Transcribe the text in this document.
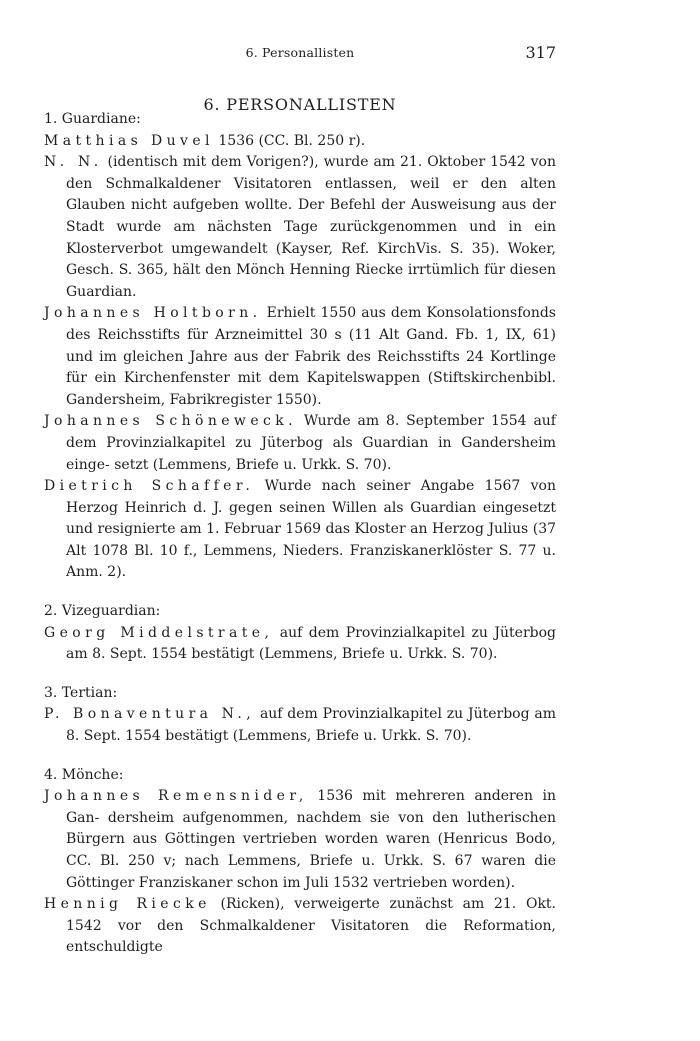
6. Personallisten	317
6. PERSONALLISTEN

1. Guardiane:

Matthias Duvel 1536 (CC. Bl. 250 r).

N. N. (identisch mit dem Vorigen?), wurde am 21. Oktober 1542 von den Schmalkaldener Visitatoren entlassen, weil er den alten Glauben nicht aufgeben wollte. Der Befehl der Ausweisung aus der Stadt wurde am nächsten Tage zurückgenommen und in ein Klosterverbot umgewandelt (Kayser, Ref. KirchVis. S. 35). Woker, Gesch. S. 365, hält den Mönch Henning Riecke irrtümlich für diesen Guardian.

Johannes Holtborn. Erhielt 1550 aus dem Konsolationsfonds des Reichsstifts für Arzneimittel 30 s (11 Alt Gand. Fb. 1, IX, 61) und im gleichen Jahre aus der Fabrik des Reichsstifts 24 Kortlinge für ein Kirchenfenster mit dem Kapitelswappen (Stiftskirchenbibl. Gandersheim, Fabrikregister 1550).

Johannes Schöneweck. Wurde am 8. September 1554 auf dem Provinzialkapitel zu Jüterbog als Guardian in Gandersheim einge- setzt (Lemmens, Briefe u. Urkk. S. 70).

Dietrich Schaffer. Wurde nach seiner Angabe 1567 von Herzog Heinrich d. J. gegen seinen Willen als Guardian eingesetzt und resignierte am 1. Februar 1569 das Kloster an Herzog Julius (37 Alt 1078 Bl. 10 f., Lemmens, Nieders. Franziskanerklöster S. 77 u. Anm. 2).

2. Vizeguardian:

Georg Middelstrate, auf dem Provinzialkapitel zu Jüterbog am 8. Sept. 1554 bestätigt (Lemmens, Briefe u. Urkk. S. 70).

3. Tertian:

P. Bonaventura N., auf dem Provinzialkapitel zu Jüterbog am 8. Sept. 1554 bestätigt (Lemmens, Briefe u. Urkk. S. 70).

4. Mönche:

Johannes Remensnider, 1536 mit mehreren anderen in Gan- dersheim aufgenommen, nachdem sie von den lutherischen Bürgern aus Göttingen vertrieben worden waren (Henricus Bodo, CC. Bl. 250 v; nach Lemmens, Briefe u. Urkk. S. 67 waren die Göttinger Franziskaner schon im Juli 1532 vertrieben worden).

Hennig Riecke (Ricken), verweigerte zunächst am 21. Okt. 1542 vor den Schmalkaldener Visitatoren die Reformation, entschuldigte
